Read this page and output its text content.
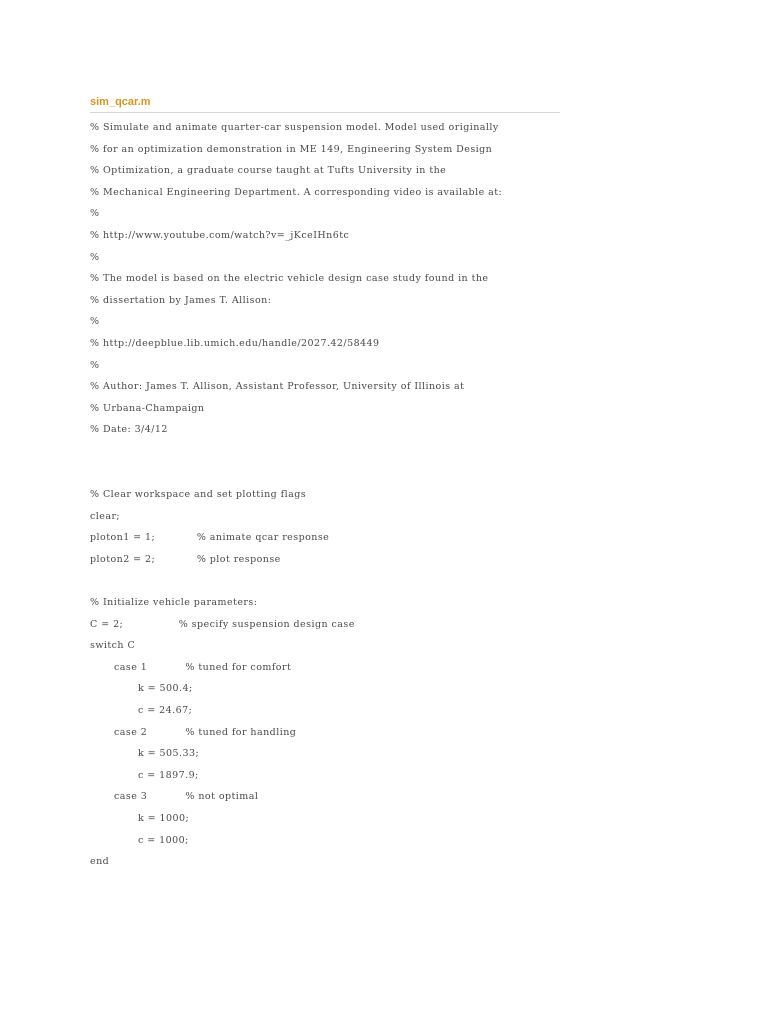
sim_qcar.m
% Simulate and animate quarter-car suspension model. Model used originally
% for an optimization demonstration in ME 149, Engineering System Design
% Optimization, a graduate course taught at Tufts University in the
% Mechanical Engineering Department. A corresponding video is available at:
%
% http://www.youtube.com/watch?v=_jKceIHn6tc
%
% The model is based on the electric vehicle design case study found in the
% dissertation by James T. Allison:
%
% http://deepblue.lib.umich.edu/handle/2027.42/58449
%
% Author: James T. Allison, Assistant Professor, University of Illinois at
% Urbana-Champaign
% Date: 3/4/12
% Clear workspace and set plotting flags
clear;
ploton1 = 1;            % animate qcar response
ploton2 = 2;            % plot response
% Initialize vehicle parameters:
C = 2;                % specify suspension design case
switch C
case 1           % tuned for comfort
k = 500.4;
c = 24.67;
case 2           % tuned for handling
k = 505.33;
c = 1897.9;
case 3           % not optimal
k = 1000;
c = 1000;
end
